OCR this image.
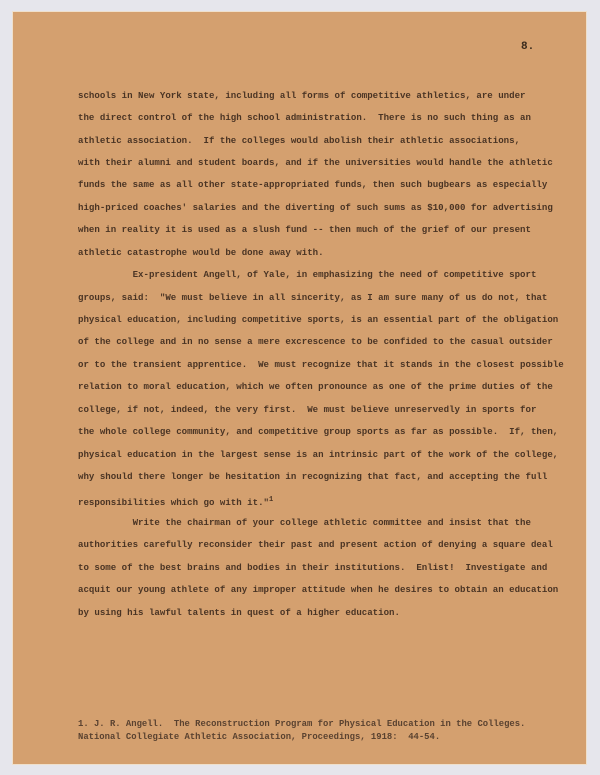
8.
schools in New York state, including all forms of competitive athletics, are under
the direct control of the high school administration.  There is no such thing as an
athletic association.  If the colleges would abolish their athletic associations,
with their alumni and student boards, and if the universities would handle the athletic
funds the same as all other state-appropriated funds, then such bugbears as especially
high-priced coaches' salaries and the diverting of such sums as $10,000 for advertising
when in reality it is used as a slush fund -- then much of the grief of our present
athletic catastrophe would be done away with.
Ex-president Angell, of Yale, in emphasizing the need of competitive sport
groups, said:  "We must believe in all sincerity, as I am sure many of us do not, that
physical education, including competitive sports, is an essential part of the obligation
of the college and in no sense a mere excrescence to be confided to the casual outsider
or to the transient apprentice.  We must recognize that it stands in the closest possible
relation to moral education, which we often pronounce as one of the prime duties of the
college, if not, indeed, the very first.  We must believe unreservedly in sports for
the whole college community, and competitive group sports as far as possible.  If, then,
physical education in the largest sense is an intrinsic part of the work of the college,
why should there longer be hesitation in recognizing that fact, and accepting the full
responsibilities which go with it."$^1$
Write the chairman of your college athletic committee and insist that the
authorities carefully reconsider their past and present action of denying a square deal
to some of the best brains and bodies in their institutions.  Enlist!  Investigate and
acquit our young athlete of any improper attitude when he desires to obtain an education
by using his lawful talents in quest of a higher education.
1. J. R. Angell.  The Reconstruction Program for Physical Education in the Colleges.
National Collegiate Athletic Association, Proceedings, 1918:  44-54.
